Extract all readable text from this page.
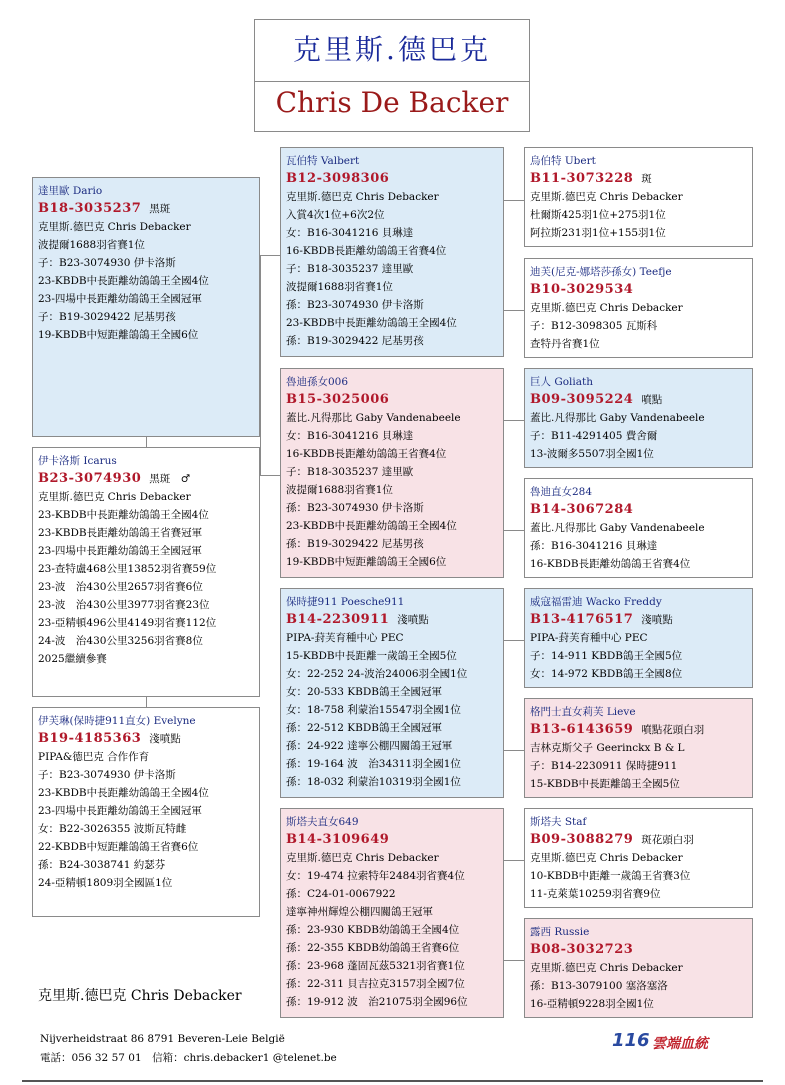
克里斯.德巴克
Chris De Backer
達里歐 Dario
B18-3035237 黑斑
克里斯.德巴克 Chris Debacker
波提爾1688羽省賽1位
子：B23-3074930 伊卡洛斯
23-KBDB中長距離幼鴿鴿王全國4位
23-四場中長距離幼鴿鴿王全國冠軍
子：B19-3029422 尼基男孩
19-KBDB中短距離鴿鴿王全國6位
伊卡洛斯 Icarus
B23-3074930 黑斑　♂
克里斯.德巴克 Chris Debacker
23-KBDB中長距離幼鴿鴿王全國4位
23-KBDB長距離幼鴿鴿王省賽冠軍
23-四場中長距離幼鴿鴿王全國冠軍
23-查特盧468公里13852羽省賽59位
23-波　治430公里2657羽省賽6位
23-波　治430公里3977羽省賽23位
23-亞精頓496公里4149羽省賽112位
24-波　治430公里3256羽省賽8位
2025繼續參賽
伊芙琳(保時捷911直女) Evelyne
B19-4185363 淺噴點
PIPA&德巴克 合作作育
子：B23-3074930 伊卡洛斯
23-KBDB中長距離幼鴿鴿王全國4位
23-四場中長距離幼鴿鴿王全國冠軍
女：B22-3026355 波斯瓦特雌
22-KBDB中短距離鴿鴿王省賽6位
孫：B24-3038741 約瑟芬
24-亞精頓1809羽全國區1位
瓦伯特 Valbert
B12-3098306
克里斯.德巴克 Chris Debacker
入賞4次1位+6次2位
女：B16-3041216 貝琳達
16-KBDB長距離幼鴿鴿王省賽4位
子：B18-3035237 達里歐
波提爾1688羽省賽1位
孫：B23-3074930 伊卡洛斯
23-KBDB中長距離幼鴿鴿王全國4位
孫：B19-3029422 尼基男孩
魯迪孫女006
B15-3025006
蓋比.凡得那比 Gaby Vandenabeele
女：B16-3041216 貝琳達
16-KBDB長距離幼鴿鴿王省賽4位
子：B18-3035237 達里歐
波提爾1688羽省賽1位
孫：B23-3074930 伊卡洛斯
23-KBDB中長距離幼鴿鴿王全國4位
孫：B19-3029422 尼基男孩
19-KBDB中短距離鴿鴿王全國6位
保時捷911 Poesche911
B14-2230911 淺噴點
PIPA-葑芙育種中心 PEC
15-KBDB中長距離一歲鴿王全國5位
女：22-252 24-波治24006羽全國1位
女：20-533 KBDB鴿王全國冠軍
女：18-758 利蒙治15547羽全國1位
孫：22-512 KBDB鴿王全國冠軍
孫：24-922 達寧公棚四關鴿王冠軍
孫：19-164 波　治34311羽全國1位
孫：18-032 利蒙治10319羽全國1位
斯塔夫直女649
B14-3109649
克里斯.德巴克 Chris Debacker
女：19-474 拉索特年2484羽省賽4位
孫：C24-01-0067922
達寧神州輝煌公棚四關鴿王冠軍
孫：23-930 KBDB幼鴿鴿王全國4位
孫：22-355 KBDB幼鴿鴿王省賽6位
孫：23-968 蓬固瓦茲5321羽省賽1位
孫：22-311 貝吉拉克3157羽全國7位
孫：19-912 波　治21075羽全國96位
烏伯特 Ubert
B11-3073228 斑
克里斯.德巴克 Chris Debacker
杜爾斯425羽1位+275羽1位
阿拉斯231羽1位+155羽1位
迪芙(尼克-娜塔莎孫女) Teefje
B10-3029534
克里斯.德巴克 Chris Debacker
子：B12-3098305 瓦斯科
查特丹省賽1位
巨人 Goliath
B09-3095224 噴點
蓋比.凡得那比 Gaby Vandenabeele
子：B11-4291405 費舍爾
13-波爾多5507羽全國1位
魯迪直女284
B14-3067284
蓋比.凡得那比 Gaby Vandenabeele
孫：B16-3041216 貝琳達
16-KBDB長距離幼鴿鴿王省賽4位
威寇福雷迪 Wacko Freddy
B13-4176517 淺噴點
PIPA-葑芙育種中心 PEC
子：14-911 KBDB鴿王全國5位
女：14-972 KBDB鴿王全國8位
格門士直女莉芙 Lieve
B13-6143659 噴點花頭白羽
吉林克斯父子 Geerinckx B & L
子：B14-2230911 保時捷911
15-KBDB中長距離鴿王全國5位
斯塔夫 Staf
B09-3088279 斑花頭白羽
克里斯.德巴克 Chris Debacker
10-KBDB中距離一歲鴿王省賽3位
11-克萊葉10259羽省賽9位
露西 Russie
B08-3032723
克里斯.德巴克 Chris Debacker
孫：B13-3079100 塞洛塞洛
16-亞精頓9228羽全國1位
克里斯.德巴克 Chris Debacker
Nijverheidstraat 86 8791 Beveren-Leie België
電話：056 32 57 01　信箱：chris.debacker1 @telenet.be
116 雲端血統
